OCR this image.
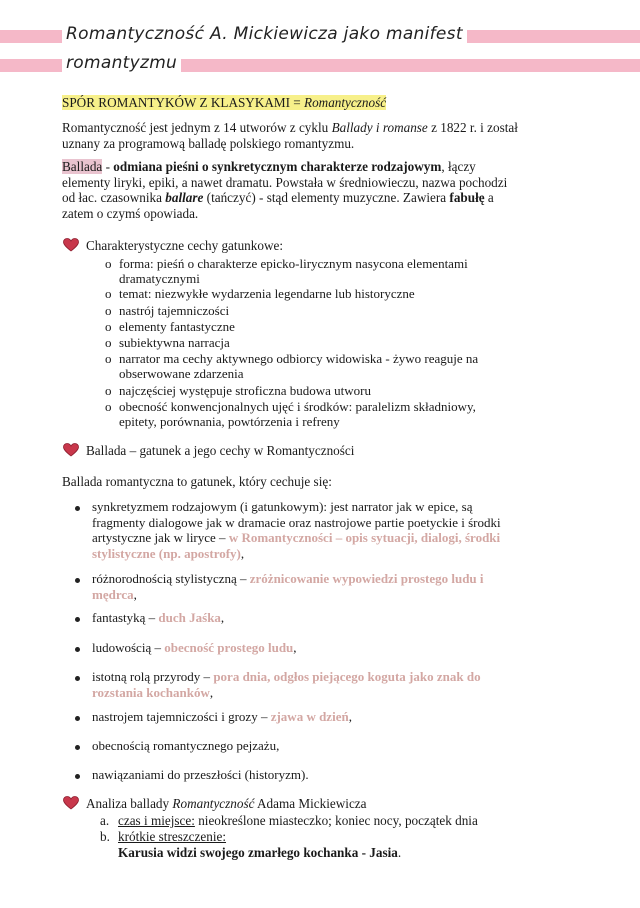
Romantyczność A. Mickiewicza jako manifest
romantyzmu
SPÓR ROMANTYKÓW Z KLASYKAMI = Romantyczność
Romantyczność jest jednym z 14 utworów z cyklu Ballady i romanse z 1822 r. i został
uznany za programową balladę polskiego romantyzmu.
Ballada - odmiana pieśni o synkretycznym charakterze rodzajowym, łączy
elementy liryki, epiki, a nawet dramatu. Powstała w średniowieczu, nazwa pochodzi
od łac. czasownika ballare (tańczyć) - stąd elementy muzyczne. Zawiera fabułę a
zatem o czymś opowiada.
Charakterystyczne cechy gatunkowe:
o forma: pieśń o charakterze epicko-lirycznym nasycona elementami
dramatycznymi
o temat: niezwykłe wydarzenia legendarne lub historyczne
o nastrój tajemniczości
o elementy fantastyczne
o subiektywna narracja
o narrator ma cechy aktywnego odbiorcy widowiska - żywo reaguje na
obserwowane zdarzenia
o najczęściej występuje stroficzna budowa utworu
o obecność konwencjonalnych ujęć i środków: paralelizm składniowy,
epitety, porównania, powtórzenia i refreny
Ballada – gatunek a jego cechy w Romantyczności
Ballada romantyczna to gatunek, który cechuje się:
synkretyzmem rodzajowym (i gatunkowym): jest narrator jak w epice, są
fragmenty dialogowe jak w dramacie oraz nastrojowe partie poetyckie i środki
artystyczne jak w liryce – w Romantyczności – opis sytuacji, dialogi, środki
stylistyczne (np. apostrofy),
różnorodnością stylistyczną – zróżnicowanie wypowiedzi prostego ludu i
mędrca,
fantastyką – duch Jaśka,
ludowością – obecność prostego ludu,
istotną rolą przyrody – pora dnia, odgłos piejącego koguta jako znak do
rozstania kochanków,
nastrojem tajemniczości i grozy – zjawa w dzień,
obecnością romantycznego pejzażu,
nawiązaniami do przeszłości (historyzm).
Analiza ballady Romantyczność Adama Mickiewicza
a. czas i miejsce: nieokreślone miasteczko; koniec nocy, początek dnia
b. krótkie streszczenie:
Karusia widzi swojego zmarłego kochanka - Jasia.
